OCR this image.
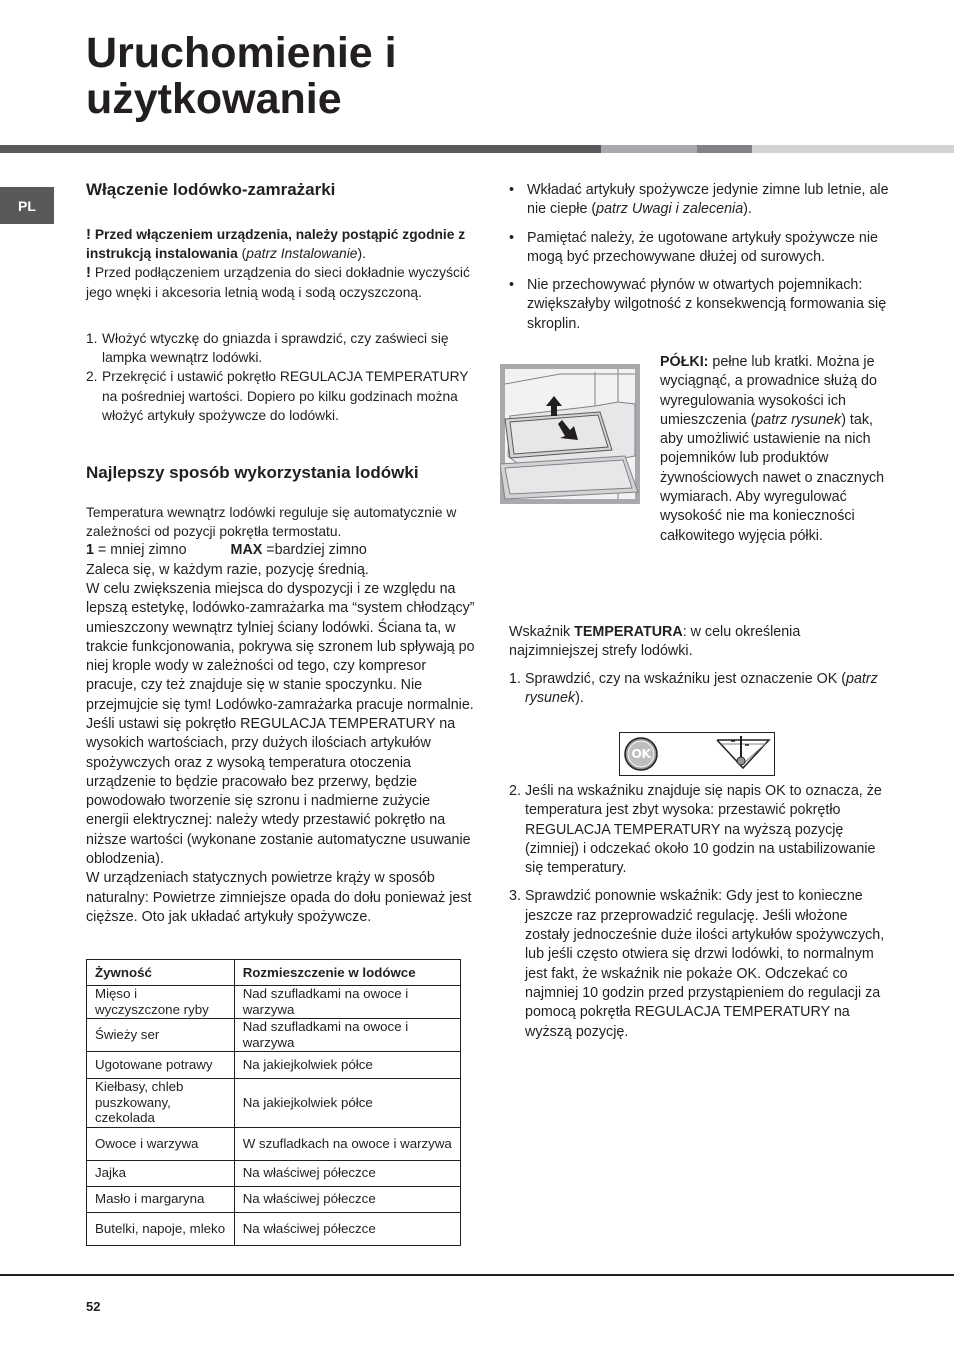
Uruchomienie i
użytkowanie
PL
Włączenie lodówko-zamrażarki

! Przed włączeniem urządzenia, należy postąpić zgodnie z instrukcją instalowania (patrz Instalowanie).

! Przed podłączeniem urządzenia do sieci dokładnie wyczyścić jego wnęki i akcesoria letnią wodą i sodą oczyszczoną.

1. Włożyć wtyczkę do gniazda i sprawdzić, czy zaświeci się lampka wewnątrz lodówki.
2. Przekręcić i ustawić pokrętło REGULACJA TEMPERATURY na pośredniej wartości. Dopiero po kilku godzinach można włożyć artykuły spożywcze do lodówki.
Najlepszy sposób wykorzystania lodówki

Temperatura wewnątrz lodówki reguluje się automatycznie w zależności od pozycji pokrętła termostatu.

1 = mniej zimno	MAX =bardziej zimno

Zaleca się, w każdym razie, pozycję średnią.

W celu zwiększenia miejsca do dyspozycji i ze względu na lepszą estetykę, lodówko-zamrażarka ma “system chłodzący” umieszczony wewnątrz tylniej ściany lodówki. Ściana ta, w trakcie funkcjonowania, pokrywa się szronem lub spływają po niej krople wody w zależności od tego, czy kompresor pracuje, czy też znajduje się w stanie spoczynku. Nie przejmujcie się tym! Lodówko-zamrażarka pracuje normalnie.

Jeśli ustawi się pokrętło REGULACJA TEMPERATURY na wysokich wartościach, przy dużych ilościach artykułów spożywczych oraz z wysoką temperatura otoczenia urządzenie to będzie pracowało bez przerwy, będzie powodowało tworzenie się szronu i nadmierne zużycie energii elektrycznej: należy wtedy przestawić pokrętło na niższe wartości (wykonane zostanie automatyczne usuwanie oblodzenia).

W urządzeniach statycznych powietrze krąży w sposób naturalny: Powietrze zimniejsze opada do dołu ponieważ jest cięższe. Oto jak układać artykuły spożywcze.

Żywność	Rozmieszczenie w lodówce
Mięso i wyczyszczone ryby	Nad szufladkami na owoce i warzywa
Świeży ser	Nad szufladkami na owoce i warzywa
Ugotowane potrawy	Na jakiejkolwiek półce
Kiełbasy, chleb puszkowany, czekolada	Na jakiejkolwiek półce
Owoce i warzywa	W szufladkach na owoce i warzywa
Jajka	Na właściwej półeczce
Masło i margaryna	Na właściwej półeczce
Butelki, napoje, mleko	Na właściwej półeczce
• Wkładać artykuły spożywcze jedynie zimne lub letnie, ale nie ciepłe (patrz Uwagi i zalecenia).
• Pamiętać należy, że ugotowane artykuły spożywcze nie mogą być przechowywane dłużej od surowych.
• Nie przechowywać płynów w otwartych pojemnikach: zwiększałyby wilgotność z konsekwencją formowania się skroplin.

PÓŁKI: pełne lub kratki. Można je wyciągnąć, a prowadnice służą do wyregulowania wysokości ich umieszczenia (patrz rysunek) tak, aby umożliwić ustawienie na nich pojemników lub produktów żywnościowych nawet o znacznych wymiarach. Aby wyregulować wysokość nie ma konieczności całkowitego wyjęcia półki.

Wskaźnik TEMPERATURA: w celu określenia najzimniejszej strefy lodówki.

1. Sprawdzić, czy na wskaźniku jest oznaczenie OK (patrz rysunek).
OK
2. Jeśli na wskaźniku znajduje się napis OK to oznacza, że temperatura jest zbyt wysoka: przestawić pokrętło REGULACJA TEMPERATURY na wyższą pozycję (zimniej) i odczekać około 10 godzin na ustabilizowanie się temperatury.
3. Sprawdzić ponownie wskaźnik: Gdy jest to konieczne jeszcze raz przeprowadzić regulację. Jeśli włożone zostały jednocześnie duże ilości artykułów spożywczych, lub jeśli często otwiera się drzwi lodówki, to normalnym jest fakt, że wskaźnik nie pokaże OK. Odczekać co najmniej 10 godzin przed przystąpieniem do regulacji za pomocą pokrętła REGULACJA TEMPERATURY na wyższą pozycję.
52
